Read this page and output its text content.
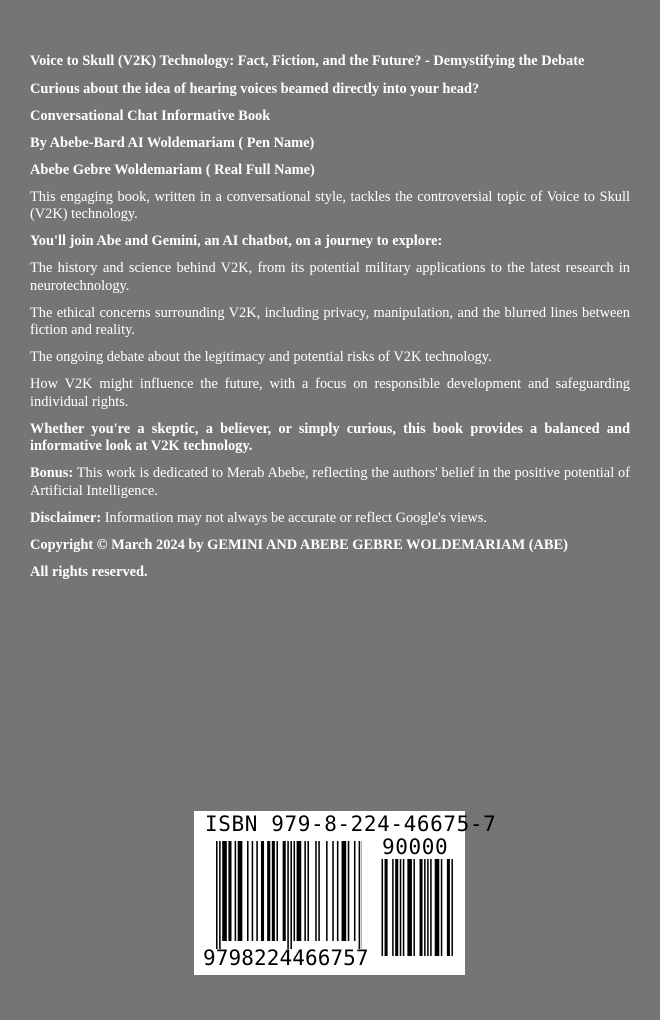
Voice to Skull (V2K) Technology: Fact, Fiction, and the Future? - Demystifying the Debate

Curious about the idea of hearing voices beamed directly into your head?

Conversational Chat Informative Book

By Abebe-Bard AI Woldemariam ( Pen Name)

Abebe Gebre Woldemariam ( Real Full Name)

This engaging book, written in a conversational style, tackles the controversial topic of Voice to Skull (V2K) technology.

You'll join Abe and Gemini, an AI chatbot, on a journey to explore:

The history and science behind V2K, from its potential military applications to the latest research in neurotechnology.

The ethical concerns surrounding V2K, including privacy, manipulation, and the blurred lines between fiction and reality.

The ongoing debate about the legitimacy and potential risks of V2K technology.

How V2K might influence the future, with a focus on responsible development and safeguarding individual rights.

Whether you're a skeptic, a believer, or simply curious, this book provides a balanced and informative look at V2K technology.

Bonus: This work is dedicated to Merab Abebe, reflecting the authors' belief in the positive potential of Artificial Intelligence.

Disclaimer: Information may not always be accurate or reflect Google's views.

Copyright © March 2024 by GEMINI AND ABEBE GEBRE WOLDEMARIAM (ABE)

All rights reserved.

ISBN 979-8-224-46675-7
90000
9798224466757
